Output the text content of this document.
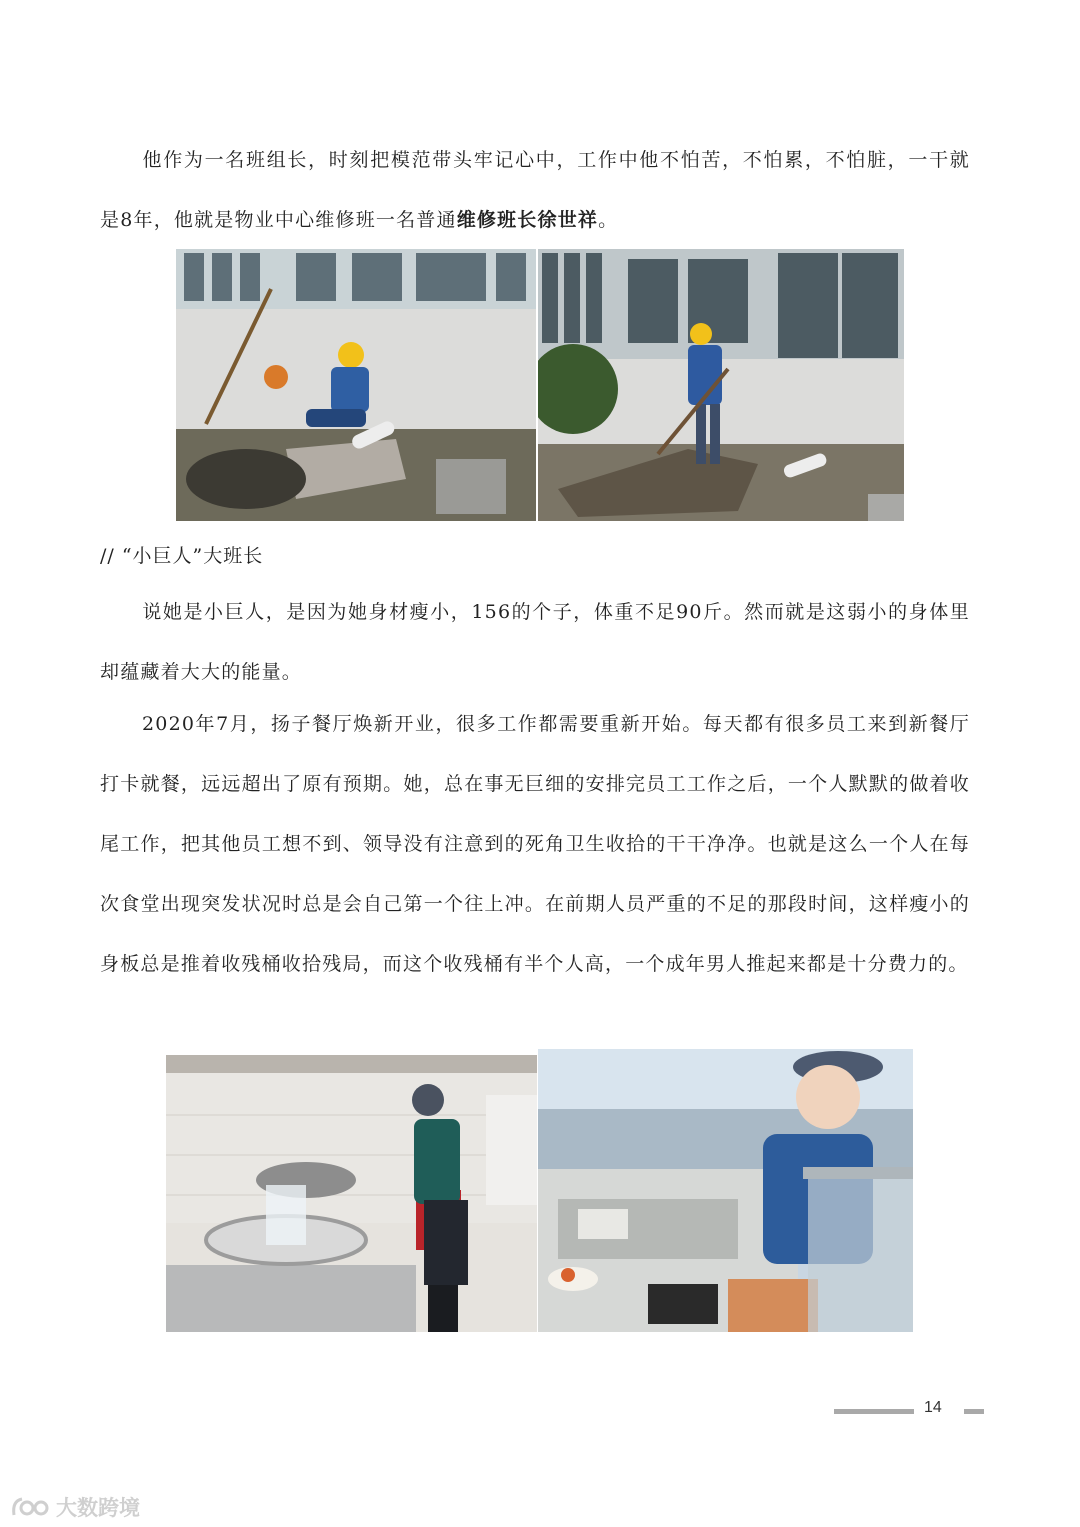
他作为一名班组长，时刻把模范带头牢记心中，工作中他不怕苦，不怕累，不怕脏，一干就是8年，他就是物业中心维修班一名普通维修班长徐世祥。

// “小巨人”大班长

说她是小巨人，是因为她身材瘦小，156的个子，体重不足90斤。然而就是这弱小的身体里却蕴藏着大大的能量。

2020年7月，扬子餐厅焕新开业，很多工作都需要重新开始。每天都有很多员工来到新餐厅打卡就餐，远远超出了原有预期。她，总在事无巨细的安排完员工工作之后，一个人默默的做着收尾工作，把其他员工想不到、领导没有注意到的死角卫生收拾的干干净净。也就是这么一个人在每次食堂出现突发状况时总是会自己第一个往上冲。在前期人员严重的不足的那段时间，这样瘦小的身板总是推着收残桶收拾残局，而这个收残桶有半个人高，一个成年男人推起来都是十分费力的。

14
大数跨境
